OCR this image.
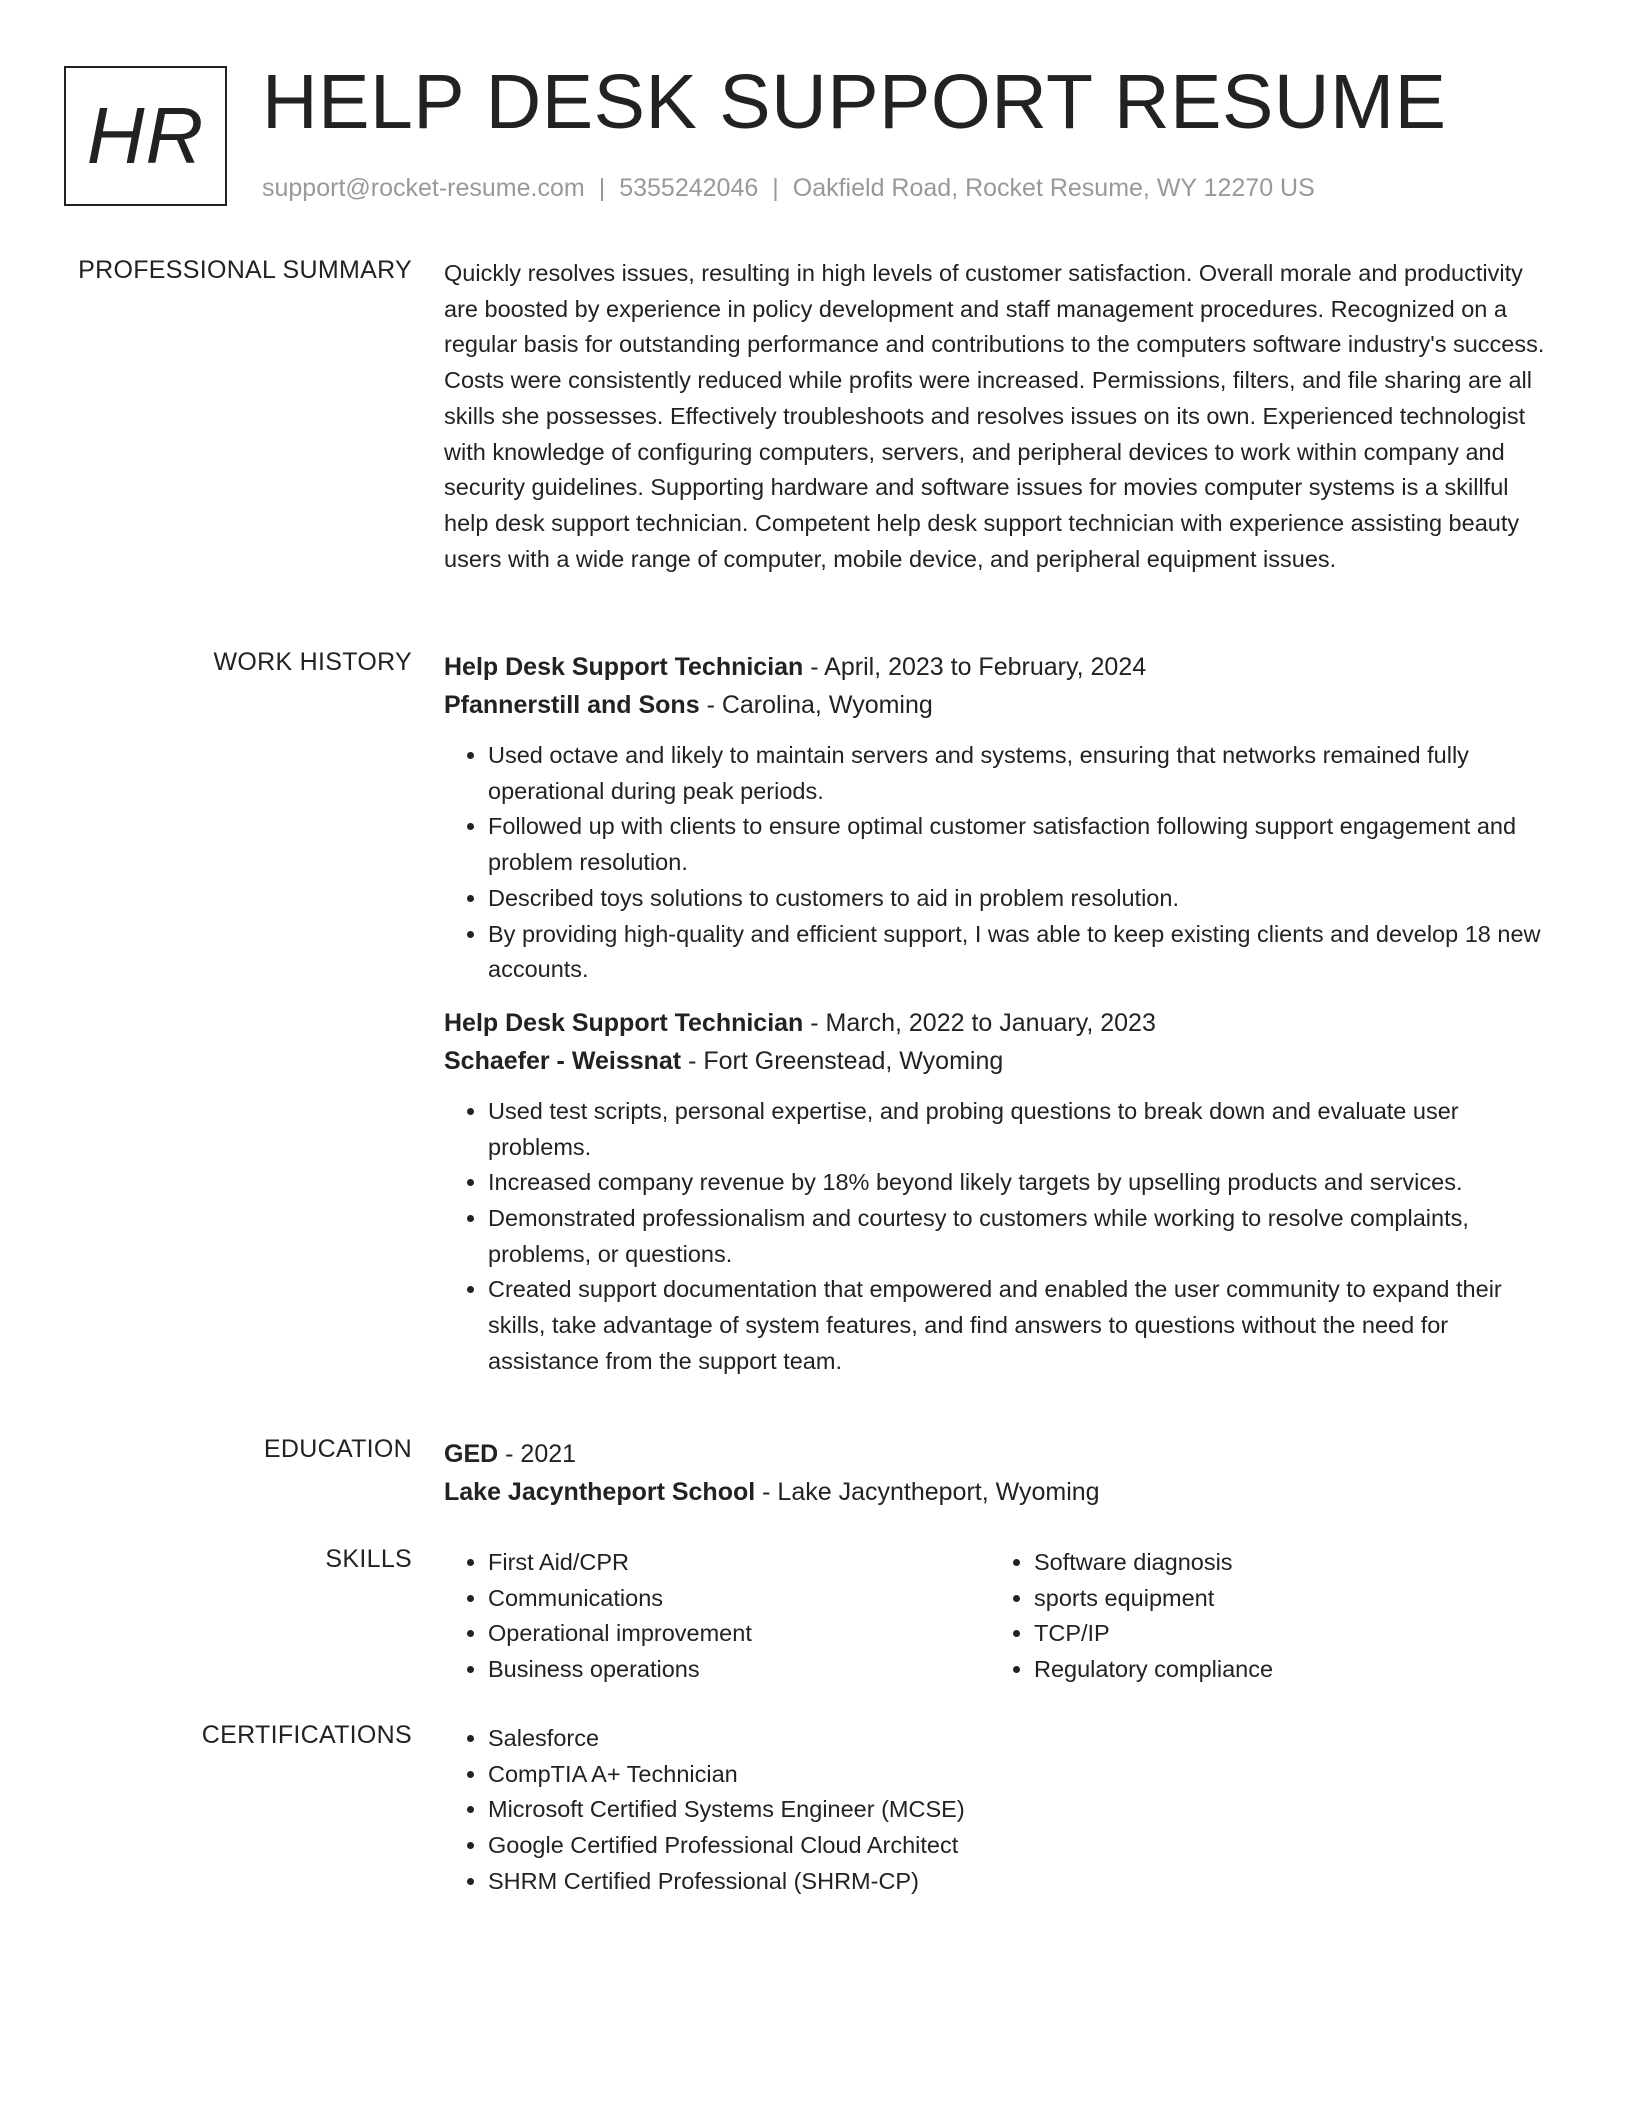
HR HELP DESK SUPPORT RESUME
support@rocket-resume.com | 5355242046 | Oakfield Road, Rocket Resume, WY 12270 US
PROFESSIONAL SUMMARY Quickly resolves issues, resulting in high levels of customer satisfaction. Overall morale and productivity are boosted by experience in policy development and staff management procedures. Recognized on a regular basis for outstanding performance and contributions to the computers software industry's success. Costs were consistently reduced while profits were increased. Permissions, filters, and file sharing are all skills she possesses. Effectively troubleshoots and resolves issues on its own. Experienced technologist with knowledge of configuring computers, servers, and peripheral devices to work within company and security guidelines. Supporting hardware and software issues for movies computer systems is a skillful help desk support technician. Competent help desk support technician with experience assisting beauty users with a wide range of computer, mobile device, and peripheral equipment issues.

WORK HISTORY Help Desk Support Technician - April, 2023 to February, 2024
Pfannerstill and Sons - Carolina, Wyoming
• Used octave and likely to maintain servers and systems, ensuring that networks remained fully operational during peak periods.
• Followed up with clients to ensure optimal customer satisfaction following support engagement and problem resolution.
• Described toys solutions to customers to aid in problem resolution.
• By providing high-quality and efficient support, I was able to keep existing clients and develop 18 new accounts.
Help Desk Support Technician - March, 2022 to January, 2023
Schaefer - Weissnat - Fort Greenstead, Wyoming
• Used test scripts, personal expertise, and probing questions to break down and evaluate user problems.
• Increased company revenue by 18% beyond likely targets by upselling products and services.
• Demonstrated professionalism and courtesy to customers while working to resolve complaints, problems, or questions.
• Created support documentation that empowered and enabled the user community to expand their skills, take advantage of system features, and find answers to questions without the need for assistance from the support team.
EDUCATION GED - 2021
Lake Jacyntheport School - Lake Jacyntheport, Wyoming
SKILLS	• First Aid/CPR
• Communications
• Operational improvement
• Business operations
• Software diagnosis
• sports equipment
• TCP/IP
• Regulatory compliance
CERTIFICATIONS	• Salesforce
• CompTIA A+ Technician
• Microsoft Certified Systems Engineer (MCSE)
• Google Certified Professional Cloud Architect
• SHRM Certified Professional (SHRM-CP)
